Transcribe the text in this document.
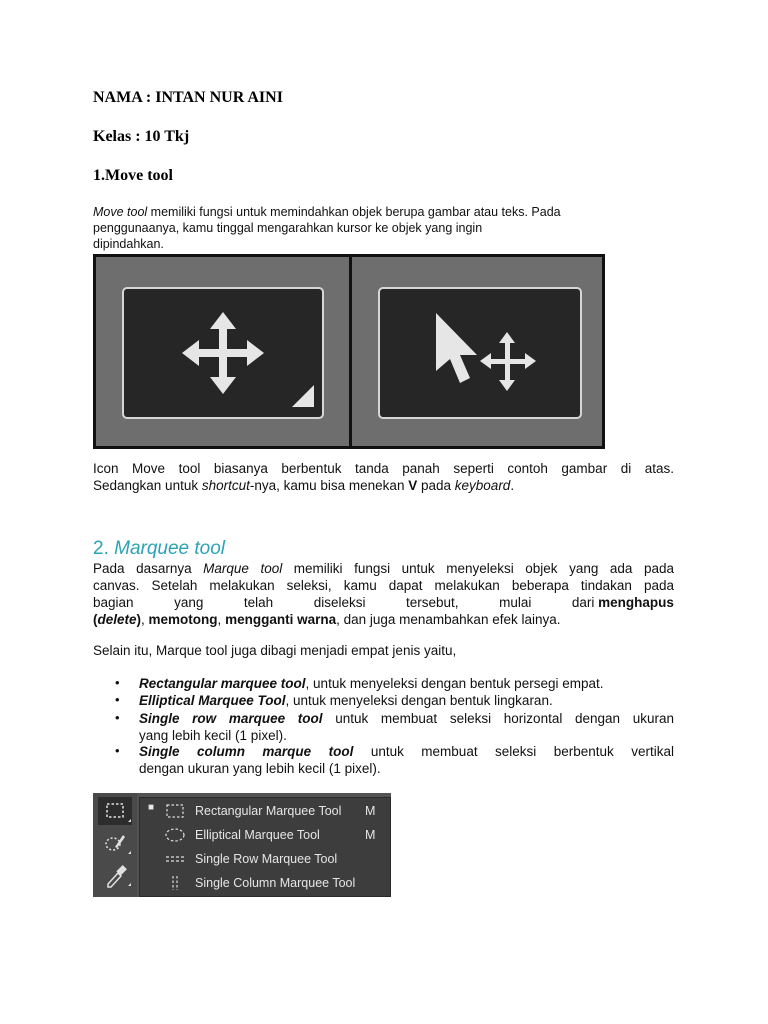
NAMA : INTAN NUR AINI
Kelas : 10 Tkj
1.Move tool
Move tool memiliki fungsi untuk memindahkan objek berupa gambar atau teks. Pada
penggunaanya, kamu tinggal mengarahkan kursor ke objek yang ingin
dipindahkan.
Icon Move tool biasanya berbentuk tanda panah seperti contoh gambar di atas.
Sedangkan untuk shortcut-nya, kamu bisa menekan V pada keyboard.
2. Marquee tool
Pada dasarnya Marque tool memiliki fungsi untuk menyeleksi objek yang ada pada
canvas. Setelah melakukan seleksi, kamu dapat melakukan beberapa tindakan pada
bagian	yang	telah	diseleksi	tersebut,	mulai	dari menghapus
(delete), memotong, mengganti warna, dan juga menambahkan efek lainya.
Selain itu, Marque tool juga dibagi menjadi empat jenis yaitu,
• Rectangular marquee tool, untuk menyeleksi dengan bentuk persegi empat.
• Elliptical Marquee Tool, untuk menyeleksi dengan bentuk lingkaran.
• Single row marquee tool untuk membuat seleksi horizontal dengan ukuran
yang lebih kecil (1 pixel).
• Single column marque tool untuk membuat seleksi berbentuk vertikal
dengan ukuran yang lebih kecil (1 pixel).
■	Rectangular Marquee Tool M
Elliptical Marquee Tool	M
Single Row Marquee Tool
Single Column Marquee Tool
